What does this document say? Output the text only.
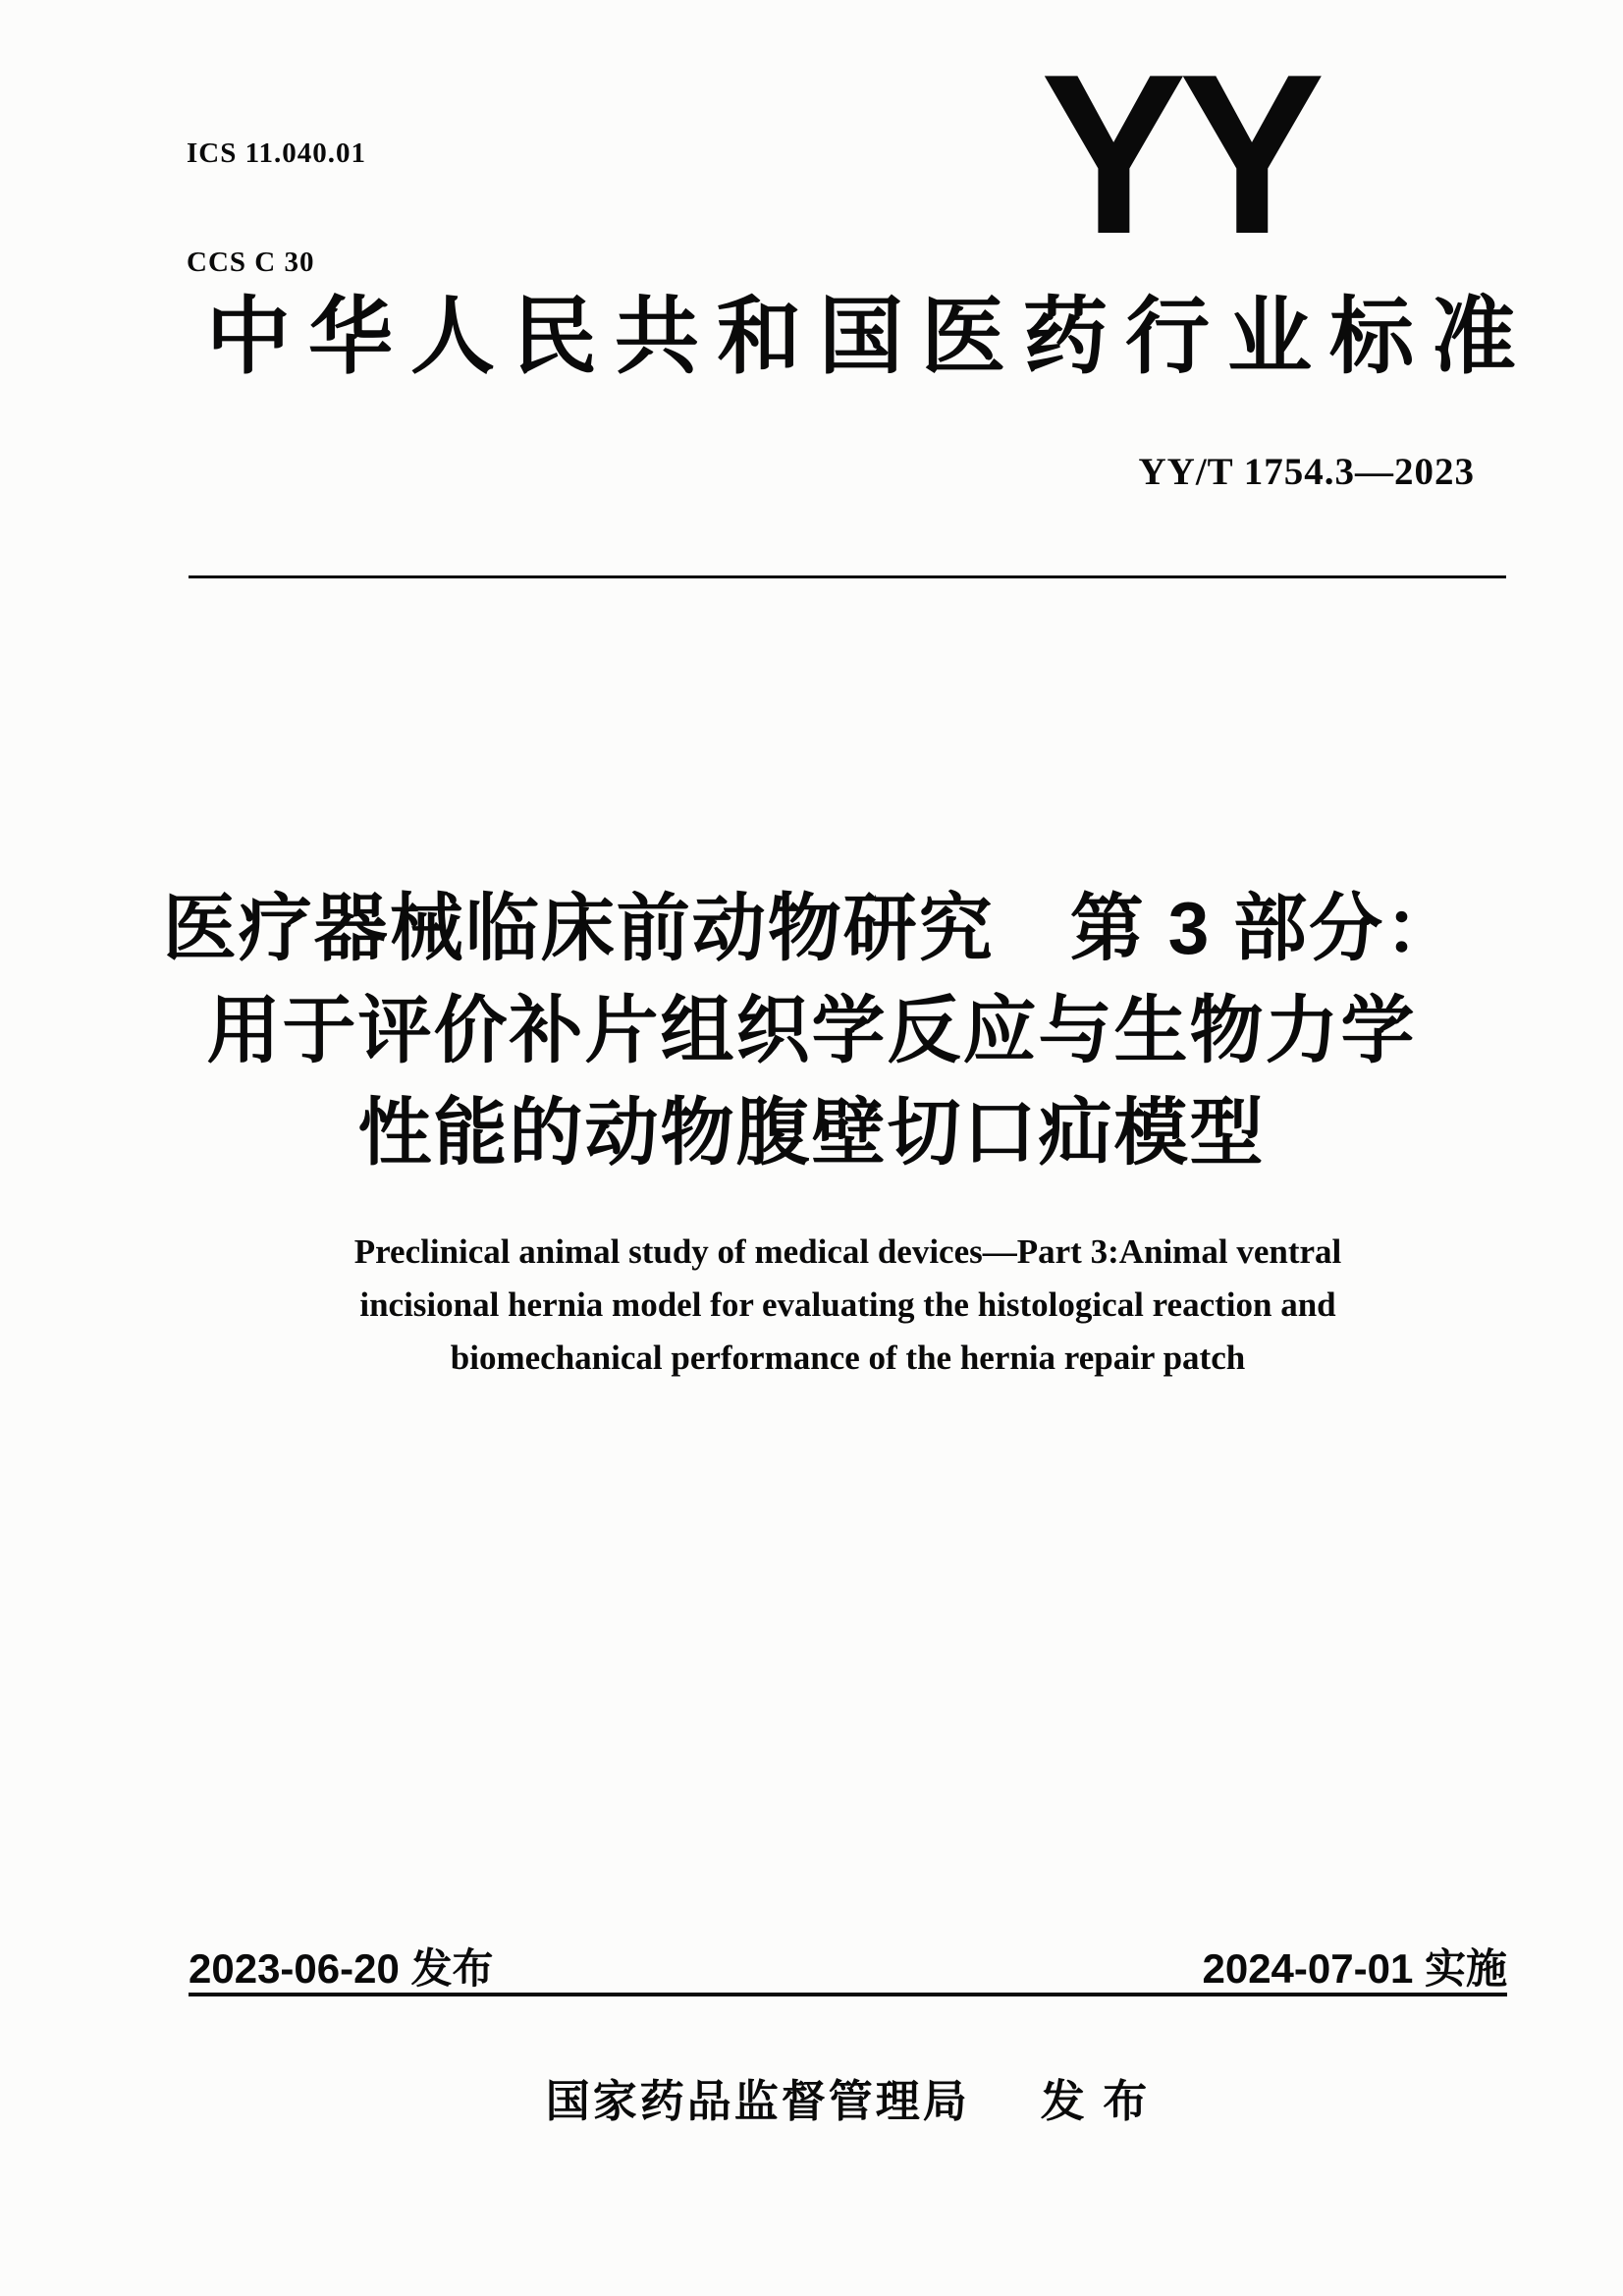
ICS 11.040.01

CCS C 30

	YY
中华人民共和国医药行业标准
YY/T 1754.3—2023
医疗器械临床前动物研究　第 3 部分：
用于评价补片组织学反应与生物力学
性能的动物腹壁切口疝模型
Preclinical animal study of medical devices—Part 3:Animal ventral
incisional hernia model for evaluating the histological reaction and
biomechanical performance of the hernia repair patch
2023-06-20 发布	2024-07-01 实施
国家药品监督管理局 发 布
